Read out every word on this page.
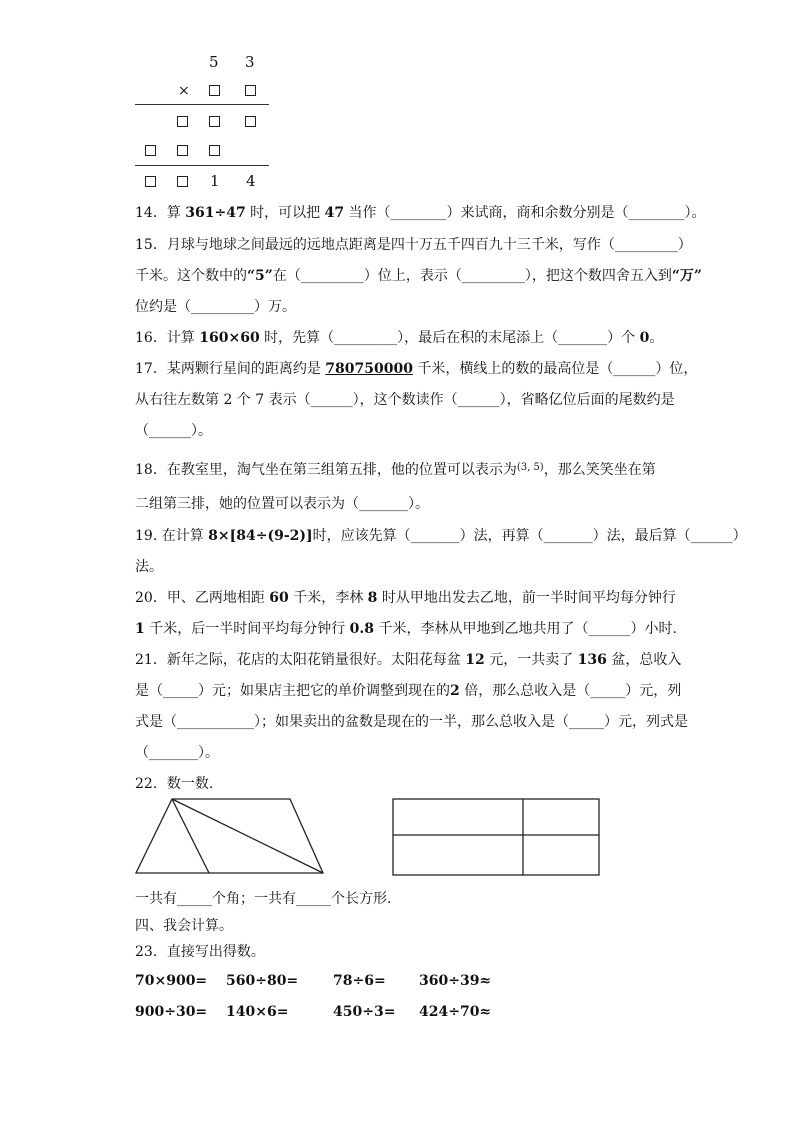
5 3
×
1 4
14．算 361÷47 时，可以把 47 当作（________）来试商，商和余数分别是（________）。
15．月球与地球之间最远的远地点距离是四十万五千四百九十三千米，写作（_________）
千米。这个数中的“5”在（_________）位上，表示（_________），把这个数四舍五入到“万”
位约是（_________）万。
16．计算 160×60 时，先算（_________），最后在积的末尾添上（_______）个 0。
17．某两颗行星间的距离约是 780750000 千米，横线上的数的最高位是（______）位，
从右往左数第 2 个 7 表示（______），这个数读作（______），省略亿位后面的尾数约是
（______）。
18．在教室里，淘气坐在第三组第五排，他的位置可以表示为$^{(3, 5)}$，那么笑笑坐在第
二组第三排，她的位置可以表示为（_______）。
19. 在计算 8×[84÷(9-2)]时，应该先算（_______）法，再算（_______）法，最后算（______）
法。
20．甲、乙两地相距 60 千米，李林 8 时从甲地出发去乙地，前一半时间平均每分钟行
1 千米，后一半时间平均每分钟行 0.8 千米，李林从甲地到乙地共用了（______）小时.
21．新年之际，花店的太阳花销量很好。太阳花每盆 12 元，一共卖了 136 盆，总收入
是（_____）元；如果店主把它的单价调整到现在的2 倍，那么总收入是（_____）元，列
式是（___________）；如果卖出的盆数是现在的一半，那么总收入是（_____）元，列式是
（_______）。
22．数一数.
一共有_____个角；一共有_____个长方形.
四、我会计算。
23．直接写出得数。
70×900= 560÷80= 78÷6= 360÷39≈
900÷30= 140×6=	450÷3= 424÷70≈
